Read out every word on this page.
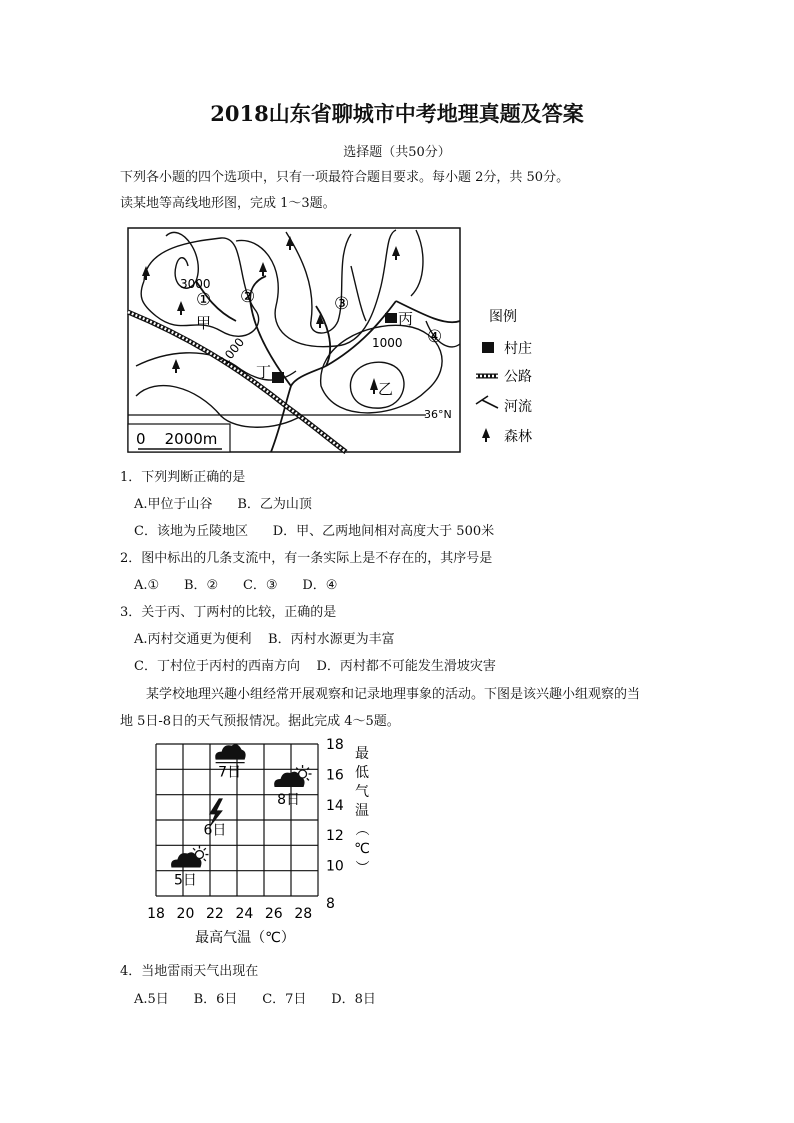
2018山东省聊城市中考地理真题及答案
选择题（共50分）
下列各小题的四个选项中，只有一项最符合题目要求。每小题 2分，共 50分。
读某地等高线地形图，完成 1～3题。
3000
1000	1000
① ②	③
④
甲
乙
丙
丁
36°N
0    2000m
图例
村庄
公路
河流
森林
1．下列判断正确的是
A.甲位于山谷      B．乙为山顶
C．该地为丘陵地区      D．甲、乙两地间相对高度大于 500米
2．图中标出的几条支流中，有一条实际上是不存在的，其序号是
A.①      B．②      C．③      D．④
3．关于丙、丁两村的比较，正确的是
A.丙村交通更为便利    B．丙村水源更为丰富
C．丁村位于丙村的西南方向    D．丙村都不可能发生滑坡灾害
某学校地理兴趣小组经常开展观察和记录地理事象的活动。下图是该兴趣小组观察的当
地 5日-8日的天气预报情况。据此完成 4～5题。
18 20 22 24 26 28
8
10
12
14
16
18
最高气温（℃）
最
低
气
温
（
℃
）
5日
6日
7日
8日
4．当地雷雨天气出现在
A.5日      B．6日      C．7日      D．8日
